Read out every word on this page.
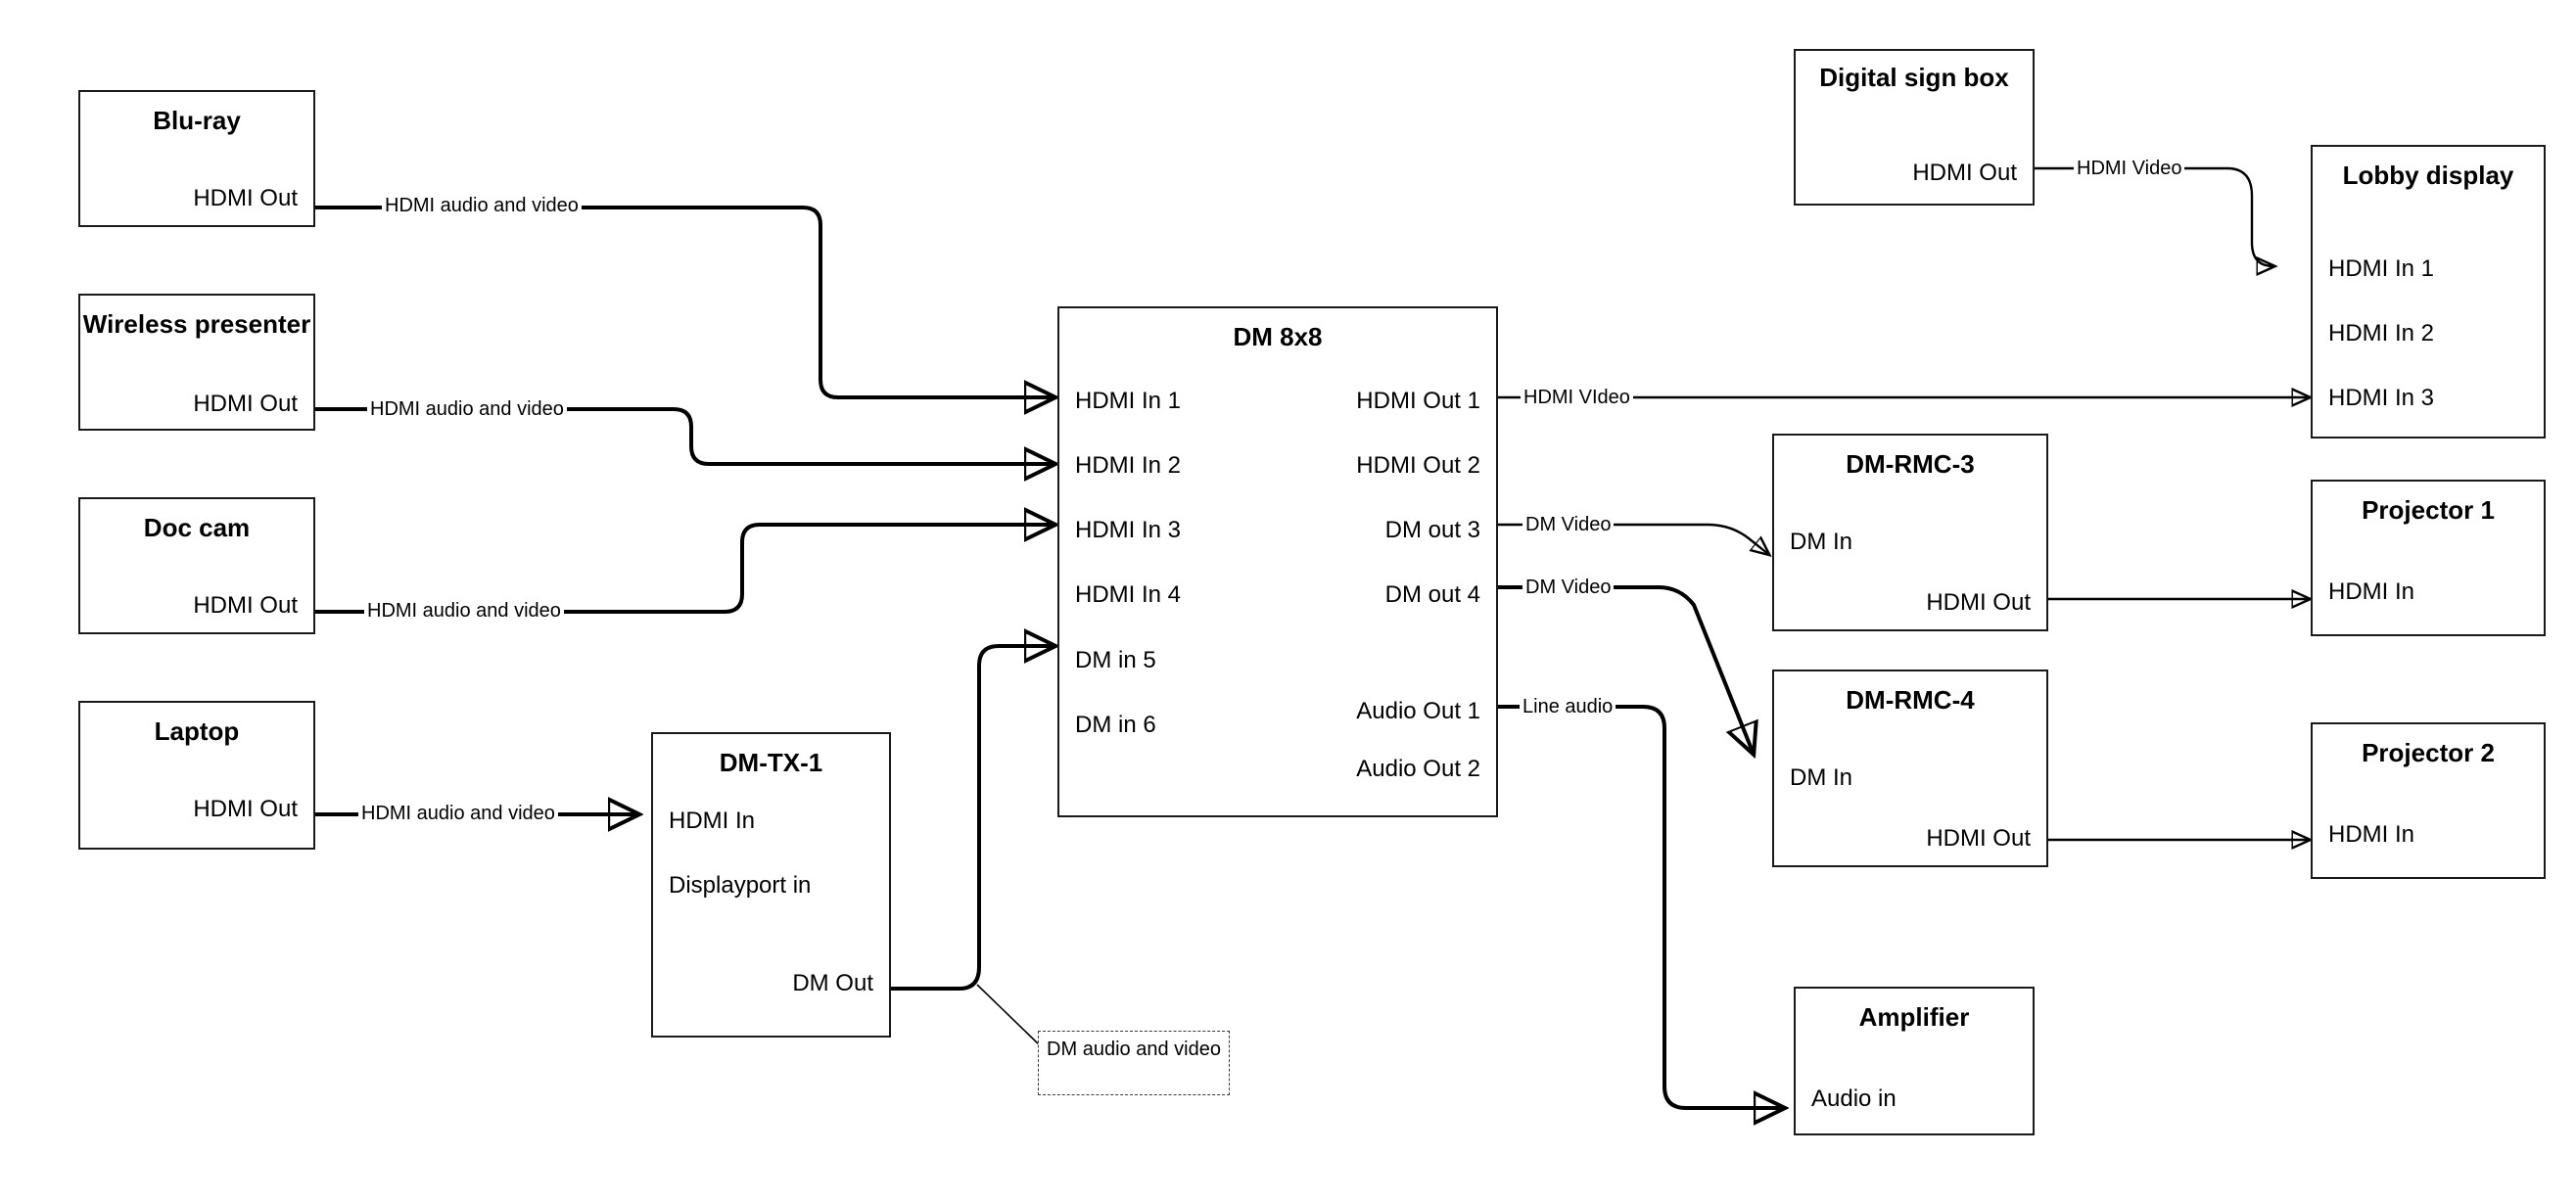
Blu-ray
HDMI Out
Wireless presenter
HDMI Out
Doc cam
HDMI Out
Laptop
HDMI Out
DM-TX-1
HDMI In
Displayport in
DM Out
DM 8x8
HDMI In 1
HDMI In 2
HDMI In 3
HDMI In 4
DM in 5
DM in 6
HDMI Out 1
HDMI Out 2
DM out 3
DM out 4
Audio Out 1
Audio Out 2
Digital sign box
HDMI Out	Lobby display
HDMI In 1
HDMI In 2
HDMI In 3
DM-RMC-3
DM In
HDMI Out
DM-RMC-4
DM In
HDMI Out
Projector 1
HDMI In
Projector 2
HDMI In
Amplifier
Audio in
HDMI audio and video
HDMI audio and video
HDMI audio and video
HDMI audio and video
HDMI Video
HDMI VIdeo
DM Video
DM Video
Line audio
DM audio and video
